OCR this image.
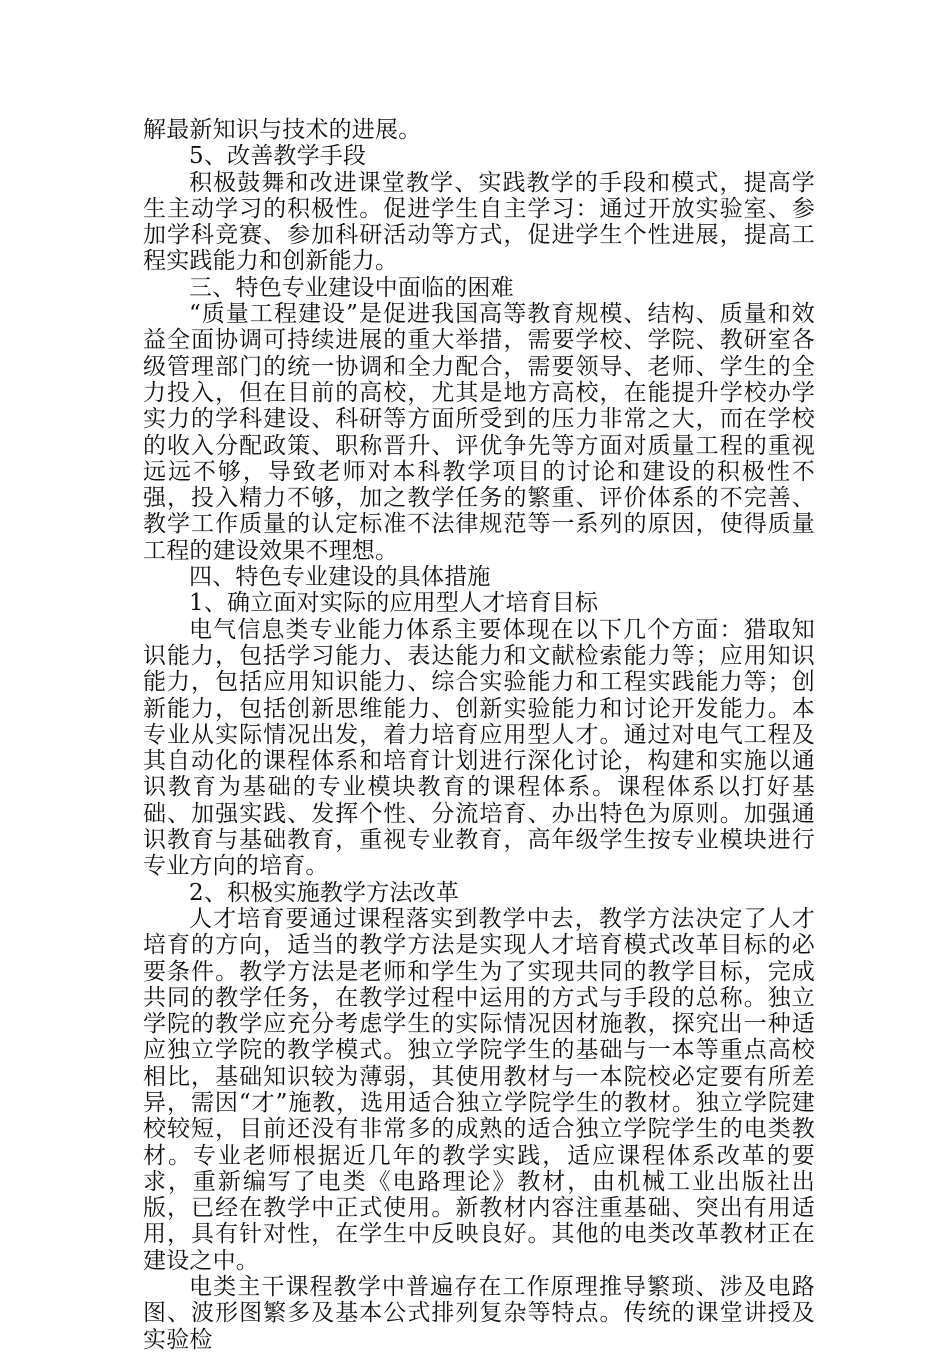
解最新知识与技术的进展。

5、改善教学手段

积极鼓舞和改进课堂教学、实践教学的手段和模式，提高学生主动学习的积极性。促进学生自主学习：通过开放实验室、参加学科竞赛、参加科研活动等方式，促进学生个性进展，提高工程实践能力和创新能力。

三、特色专业建设中面临的困难

“质量工程建设”是促进我国高等教育规模、结构、质量和效益全面协调可持续进展的重大举措，需要学校、学院、教研室各级管理部门的统一协调和全力配合，需要领导、老师、学生的全力投入，但在目前的高校，尤其是地方高校，在能提升学校办学实力的学科建设、科研等方面所受到的压力非常之大，而在学校的收入分配政策、职称晋升、评优争先等方面对质量工程的重视远远不够，导致老师对本科教学项目的讨论和建设的积极性不强，投入精力不够，加之教学任务的繁重、评价体系的不完善、教学工作质量的认定标准不法律规范等一系列的原因，使得质量工程的建设效果不理想。

四、特色专业建设的具体措施

1、确立面对实际的应用型人才培育目标

电气信息类专业能力体系主要体现在以下几个方面：猎取知识能力，包括学习能力、表达能力和文献检索能力等；应用知识能力，包括应用知识能力、综合实验能力和工程实践能力等；创新能力，包括创新思维能力、创新实验能力和讨论开发能力。本专业从实际情况出发，着力培育应用型人才。通过对电气工程及其自动化的课程体系和培育计划进行深化讨论，构建和实施以通识教育为基础的专业模块教育的课程体系。课程体系以打好基础、加强实践、发挥个性、分流培育、办出特色为原则。加强通识教育与基础教育，重视专业教育，高年级学生按专业模块进行专业方向的培育。

2、积极实施教学方法改革

人才培育要通过课程落实到教学中去，教学方法决定了人才培育的方向，适当的教学方法是实现人才培育模式改革目标的必要条件。教学方法是老师和学生为了实现共同的教学目标，完成共同的教学任务，在教学过程中运用的方式与手段的总称。独立学院的教学应充分考虑学生的实际情况因材施教，探究出一种适应独立学院的教学模式。独立学院学生的基础与一本等重点高校相比，基础知识较为薄弱，其使用教材与一本院校必定要有所差异，需因“才”施教，选用适合独立学院学生的教材。独立学院建校较短，目前还没有非常多的成熟的适合独立学院学生的电类教材。专业老师根据近几年的教学实践，适应课程体系改革的要求，重新编写了电类《电路理论》教材，由机械工业出版社出版，已经在教学中正式使用。新教材内容注重基础、突出有用适用，具有针对性，在学生中反映良好。其他的电类改革教材正在建设之中。

电类主干课程教学中普遍存在工作原理推导繁琐、涉及电路图、波形图繁多及基本公式排列复杂等特点。传统的课堂讲授及实验检
